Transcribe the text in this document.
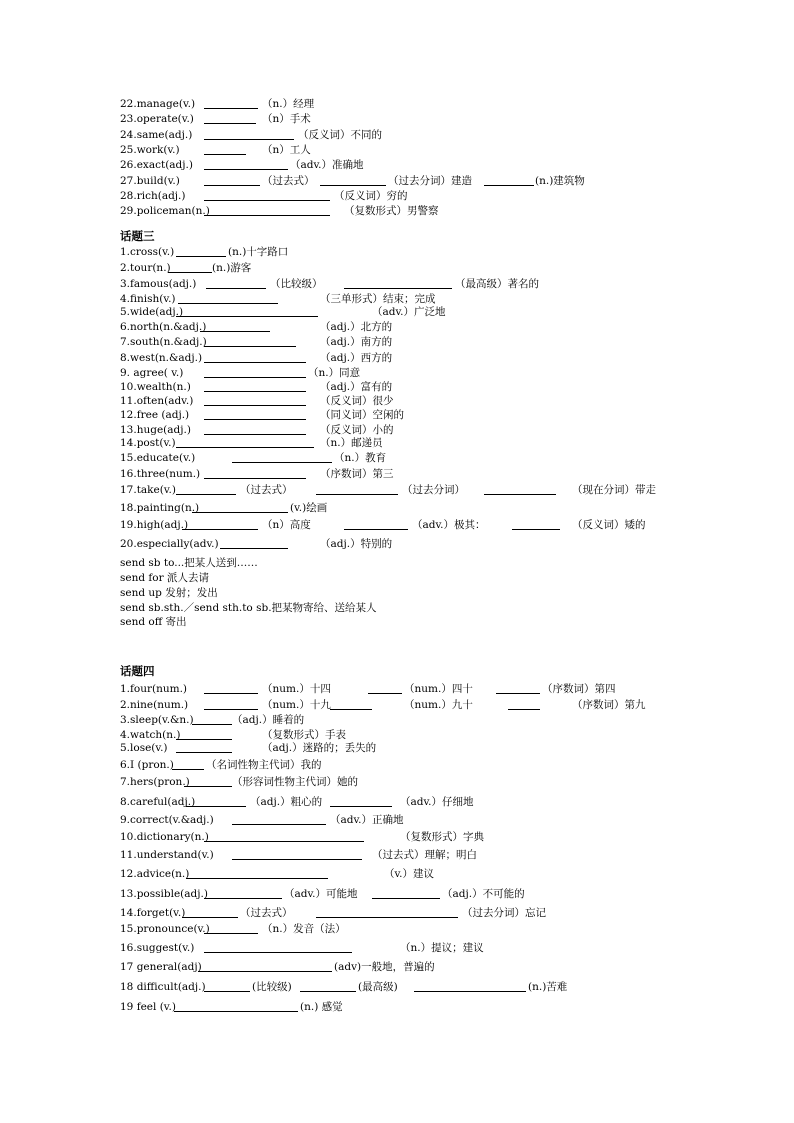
22.manage(v.)	（n.）经理
23.operate(v.)	（n）手术
24.same(adj.)	（反义词）不同的
25.work(v.)	（n）工人
26.exact(adj.)	（adv.）准确地
27.build(v.)	（过去式）	（过去分词）建造	(n.)建筑物
28.rich(adj.)	（反义词）穷的
29.policeman(n.)	（复数形式）男警察
话题三
1.cross(v.)	(n.)十字路口
2.tour(n.)	(n.)游客
3.famous(adj.)	（比较级）	（最高级）著名的
4.finish(v.)	（三单形式）结束；完成
5.wide(adj.)	（adv.）广泛地
6.north(n.&adj.)	（adj.）北方的
7.south(n.&adj.)	（adj.）南方的
8.west(n.&adj.)	（adj.）西方的
9. agree( v.)	（n.）同意
10.wealth(n.)	（adj.）富有的
11.often(adv.)	（反义词）很少
12.free (adj.)	（同义词）空闲的
13.huge(adj.)	（反义词）小的
14.post(v.)	（n.）邮递员
15.educate(v.)	（n.）教育
16.three(num.)	（序数词）第三
17.take(v.)	（过去式）	（过去分词）	（现在分词）带走
18.painting(n.)	(v.)绘画
19.high(adj.)	（n）高度	（adv.）极其：	（反义词）矮的
20.especially(adv.)	（adj.）特别的
send sb to...把某人送到……
send for 派人去请
send up 发射；发出
send sb.sth.／send sth.to sb.把某物寄给、送给某人
send off 寄出
话题四
1.four(num.)	（num.）十四	（num.）四十	（序数词）第四
2.nine(num.)	（num.）十九	（num.）九十	（序数词）第九
3.sleep(v.&n.)	（adj.）睡着的
4.watch(n.)	（复数形式）手表
5.lose(v.)	（adj.）迷路的；丢失的
6.I (pron.)	（名词性物主代词）我的
7.hers(pron.)	（形容词性物主代词）她的
8.careful(adj.)	（adj.）粗心的	（adv.）仔细地
9.correct(v.&adj.)	（adv.）正确地
10.dictionary(n.)	（复数形式）字典
11.understand(v.)	（过去式）理解；明白
12.advice(n.)	（v.）建议
13.possible(adj.)	（adv.）可能地	（adj.）不可能的
14.forget(v.)	（过去式）	（过去分词）忘记
15.pronounce(v.)	（n.）发音（法）
16.suggest(v.)	（n.）提议；建议
17 general(adj)	(adv)一般地，普遍的
18 difficult(adj.)	(比较级)	(最高级)	(n.)苦难
19 feel (v.)	(n.) 感觉
